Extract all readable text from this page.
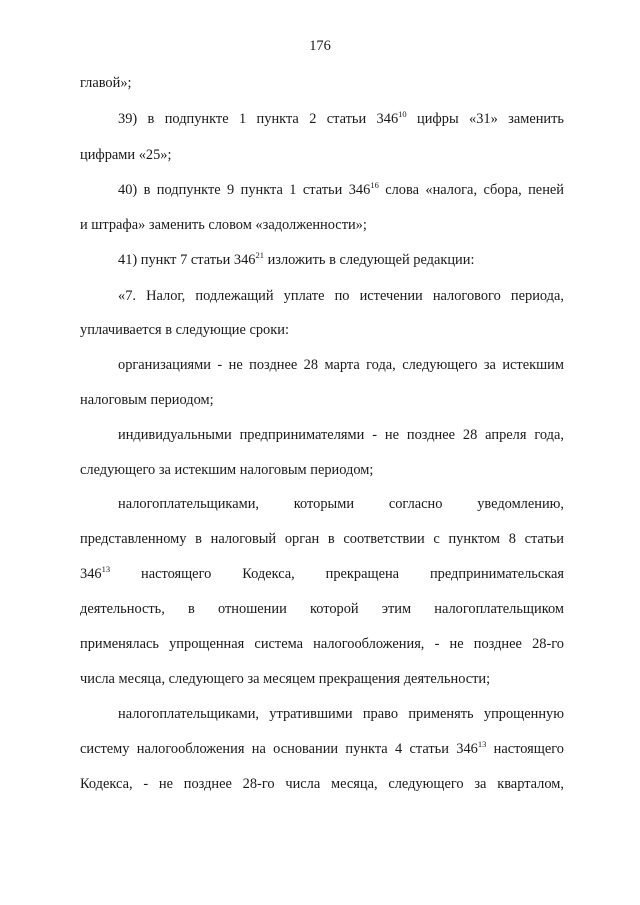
176
главой»;
39) в подпункте 1 пункта 2 статьи $346^{10}$ цифры «31» заменить
цифрами «25»;
40) в подпункте 9 пункта 1 статьи $346^{16}$ слова «налога, сбора, пеней
и штрафа» заменить словом «задолженности»;
41) пункт 7 статьи $346^{21}$ изложить в следующей редакции:
«7. Налог, подлежащий уплате по истечении налогового периода,
уплачивается в следующие сроки:
организациями - не позднее 28 марта года, следующего за истекшим
налоговым периодом;
индивидуальными предпринимателями - не позднее 28 апреля года,
следующего за истекшим налоговым периодом;
налогоплательщиками, которыми согласно уведомлению,
представленному в налоговый орган в соответствии с пунктом 8 статьи
$346^{13}$ настоящего Кодекса, прекращена предпринимательская
деятельность, в отношении которой этим налогоплательщиком
применялась упрощенная система налогообложения, - не позднее 28-го
числа месяца, следующего за месяцем прекращения деятельности;
налогоплательщиками, утратившими право применять упрощенную
систему налогообложения на основании пункта 4 статьи $346^{13}$ настоящего
Кодекса, - не позднее 28-го числа месяца, следующего за кварталом,
